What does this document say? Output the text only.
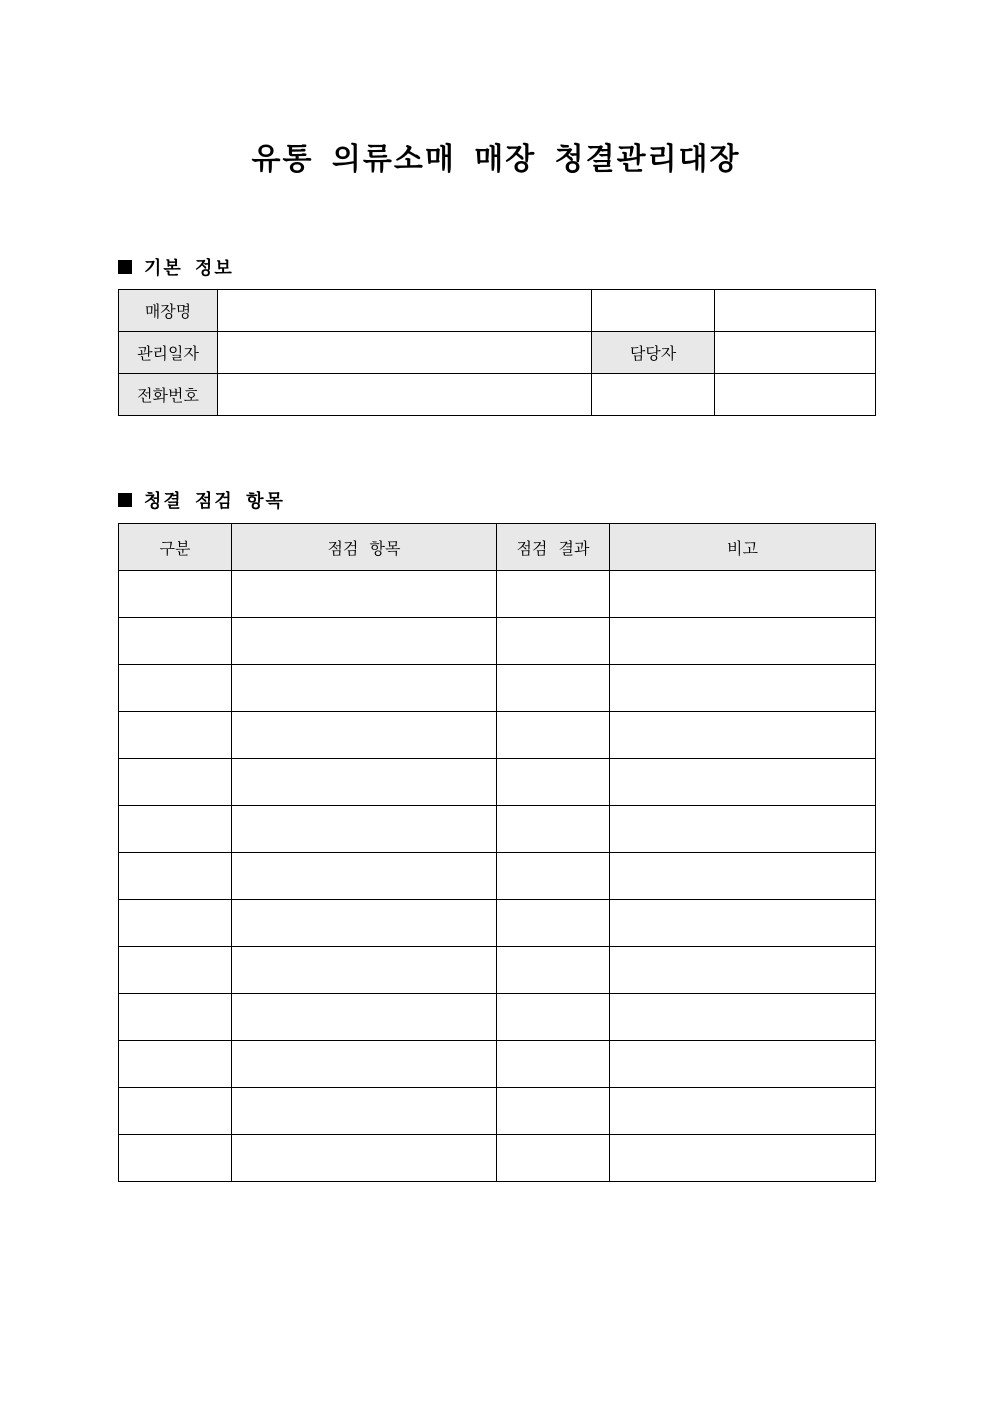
유통 의류소매 매장 청결관리대장
기본 정보
매장명			
관리일자		담당자	
전화번호			
청결 점검 항목
구분	점검 항목	점검 결과	비고
